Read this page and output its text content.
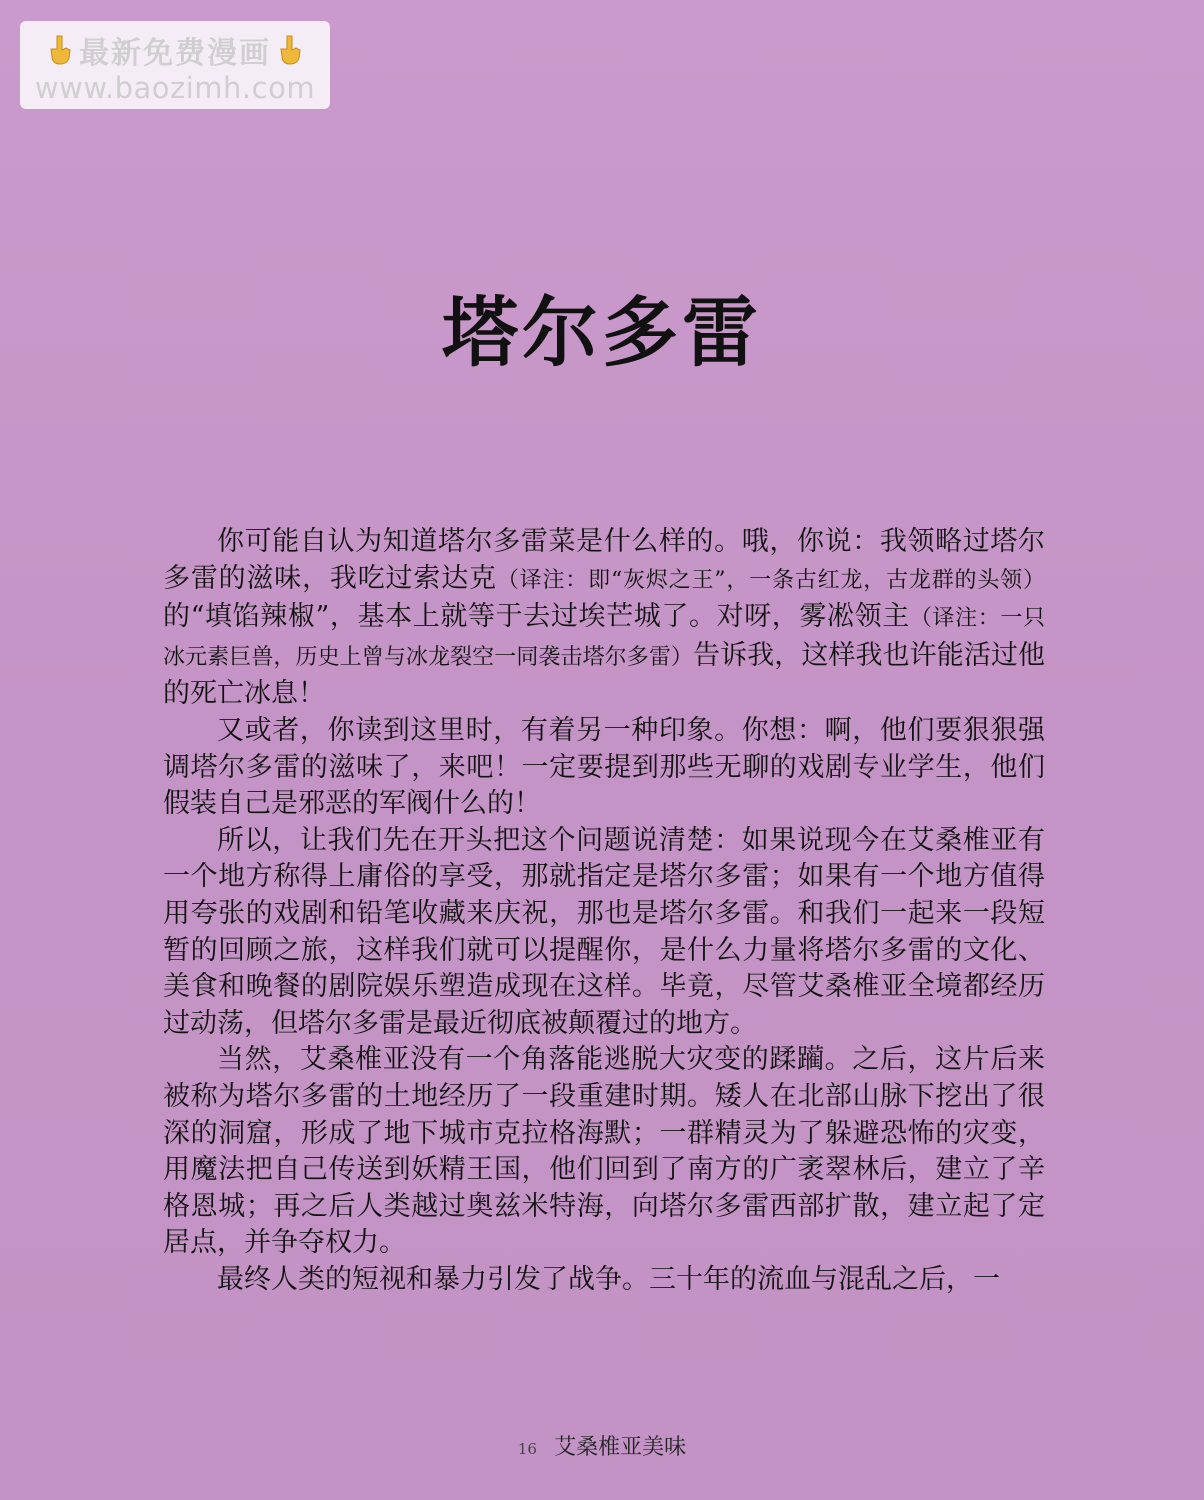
最新免费漫画
www.baozimh.com
塔尔多雷

你可能自认为知道塔尔多雷菜是什么样的。哦，你说：我领略过塔尔多雷的滋味，我吃过索达克（译注：即“灰烬之王”，一条古红龙，古龙群的头领）的“填馅辣椒”，基本上就等于去过埃芒城了。对呀，雾凇领主（译注：一只冰元素巨兽，历史上曾与冰龙裂空一同袭击塔尔多雷）告诉我，这样我也许能活过他的死亡冰息！

又或者，你读到这里时，有着另一种印象。你想：啊，他们要狠狠强调塔尔多雷的滋味了，来吧！一定要提到那些无聊的戏剧专业学生，他们假装自己是邪恶的军阀什么的！

所以，让我们先在开头把这个问题说清楚：如果说现今在艾桑椎亚有一个地方称得上庸俗的享受，那就指定是塔尔多雷；如果有一个地方值得用夸张的戏剧和铅笔收藏来庆祝，那也是塔尔多雷。和我们一起来一段短暂的回顾之旅，这样我们就可以提醒你，是什么力量将塔尔多雷的文化、美食和晚餐的剧院娱乐塑造成现在这样。毕竟，尽管艾桑椎亚全境都经历过动荡，但塔尔多雷是最近彻底被颠覆过的地方。

当然，艾桑椎亚没有一个角落能逃脱大灾变的蹂躏。之后，这片后来被称为塔尔多雷的土地经历了一段重建时期。矮人在北部山脉下挖出了很深的洞窟，形成了地下城市克拉格海默；一群精灵为了躲避恐怖的灾变，用魔法把自己传送到妖精王国，他们回到了南方的广袤翠林后，建立了辛格恩城；再之后人类越过奥兹米特海，向塔尔多雷西部扩散，建立起了定居点，并争夺权力。

最终人类的短视和暴力引发了战争。三十年的流血与混乱之后，一

16 艾桑椎亚美味
